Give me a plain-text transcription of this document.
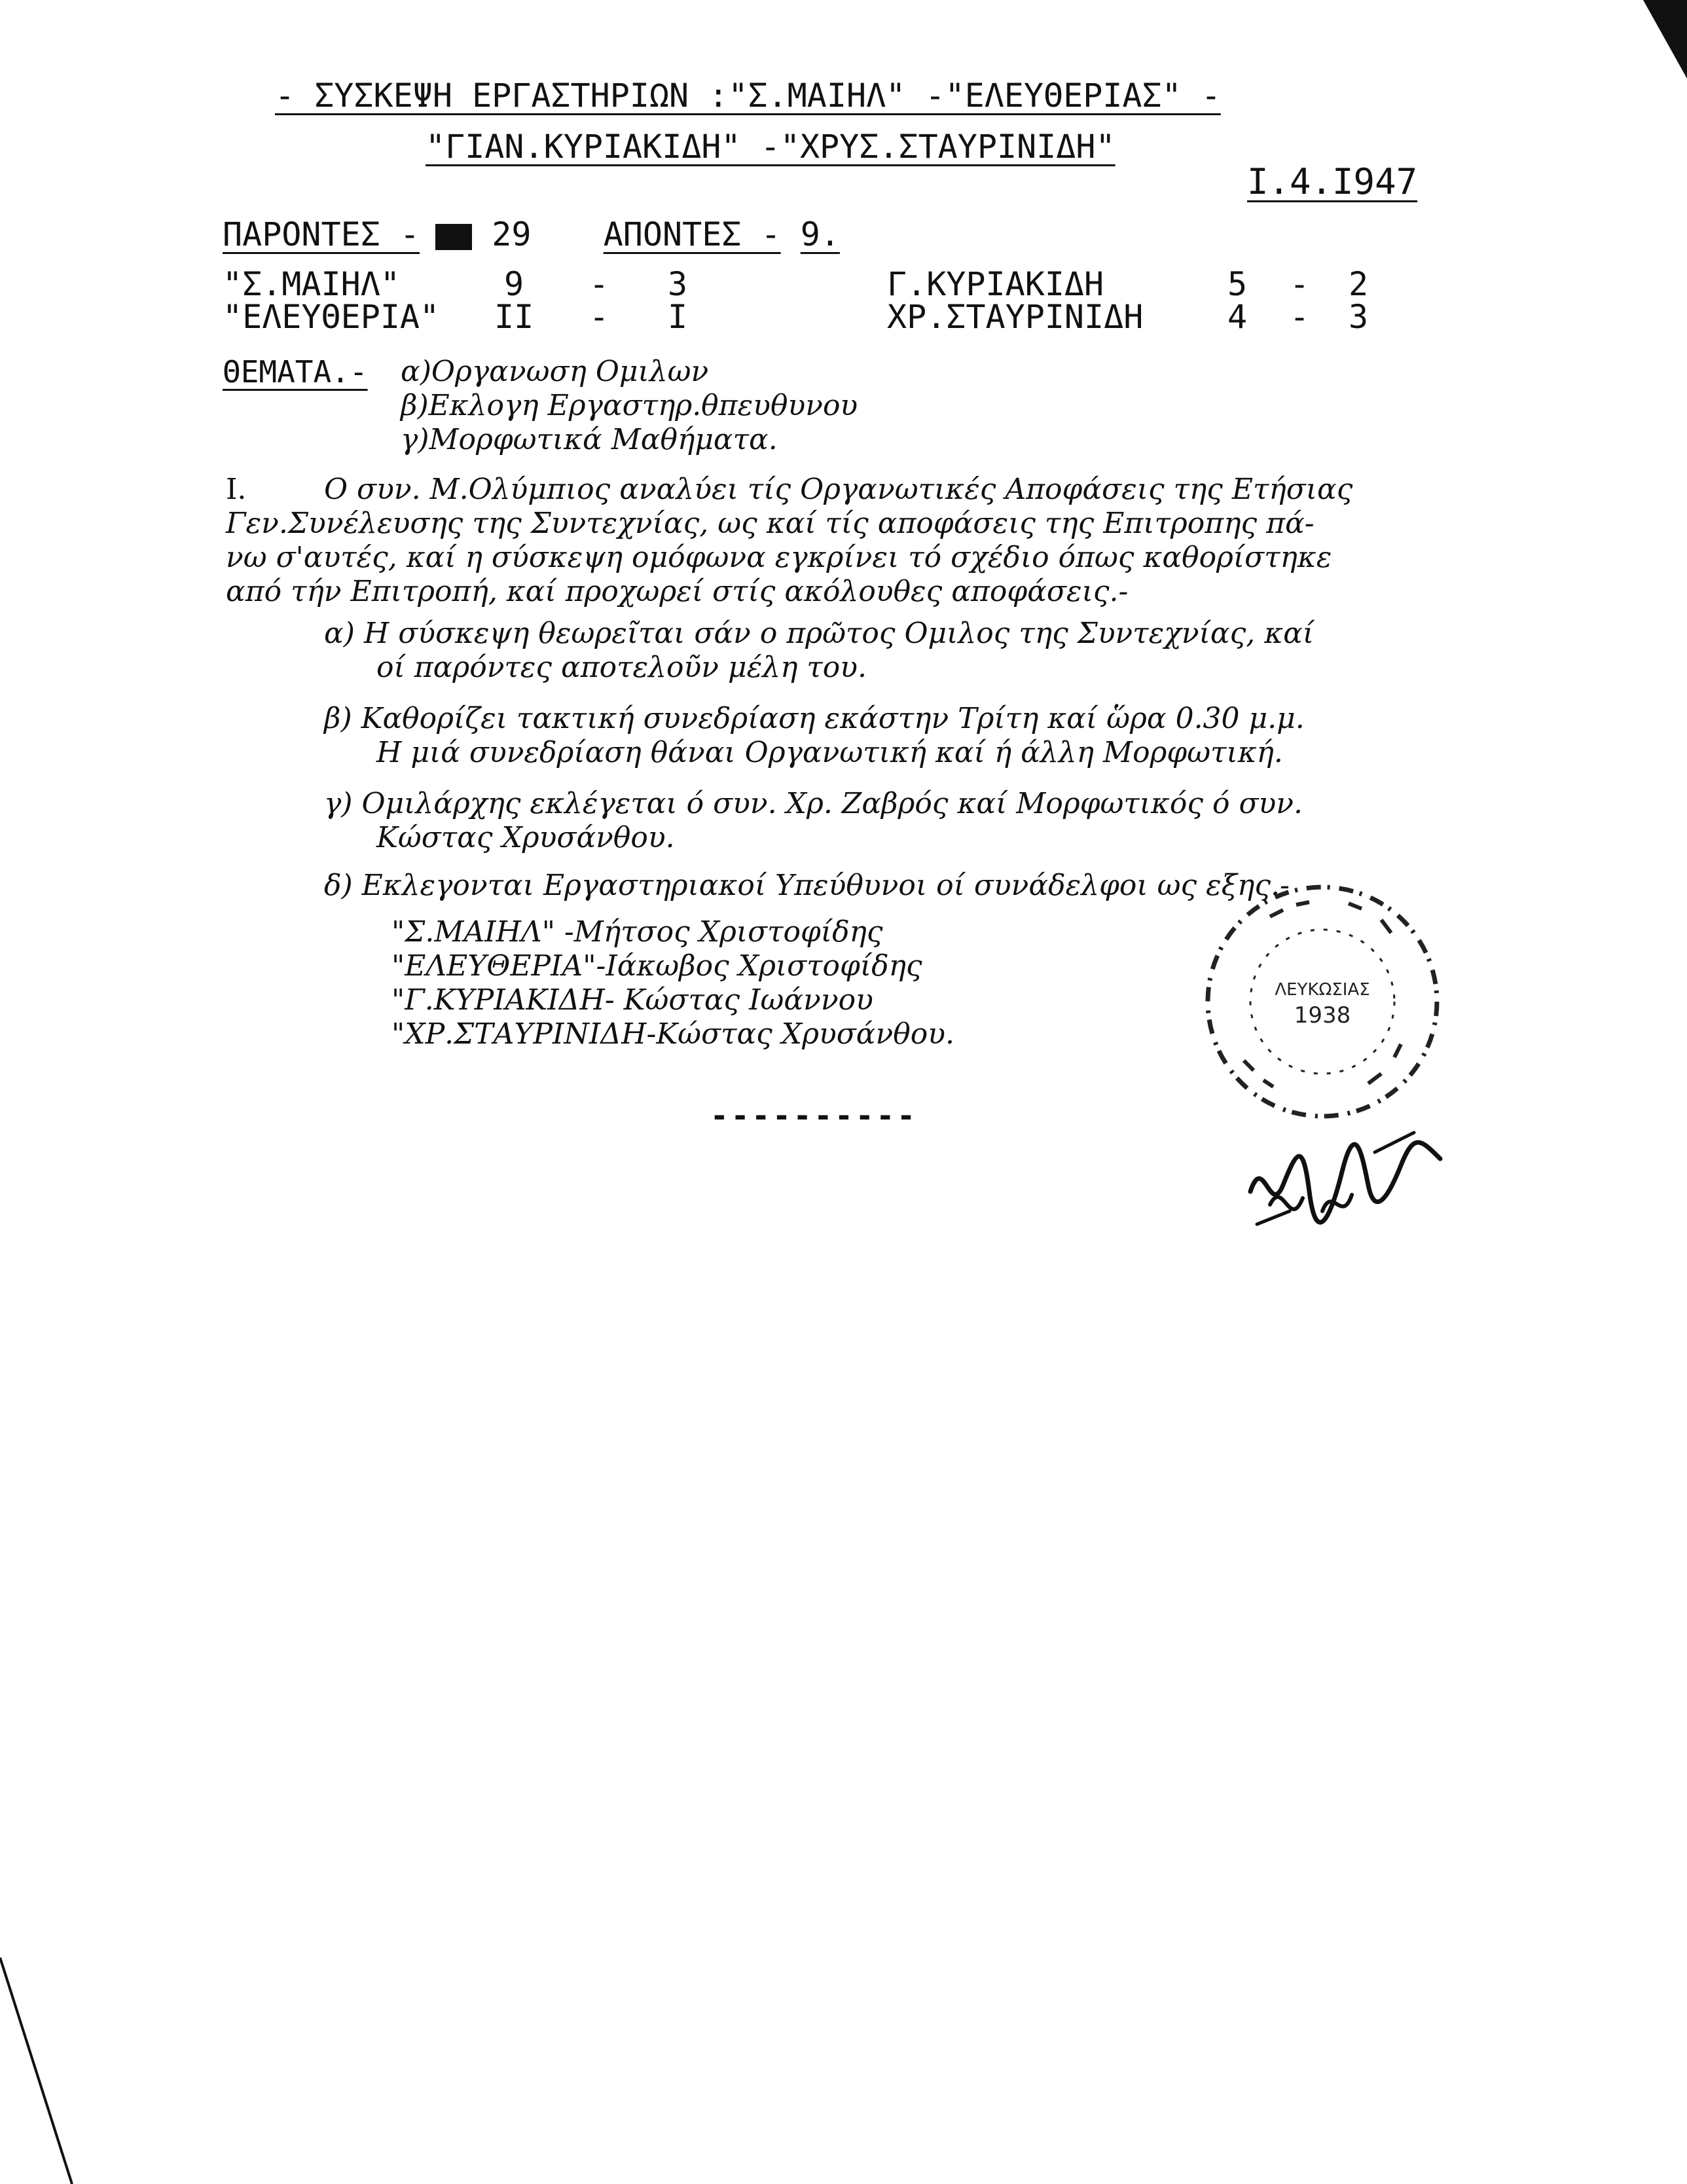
- ΣΥΣΚΕΨΗ ΕΡΓΑΣΤΗΡΙΩΝ :"Σ.ΜΑΙΗΛ" -"ΕΛΕΥΘΕΡΙΑΣ" -
"ΓΙΑΝ.ΚΥΡΙΑΚΙΔΗ" -"ΧΡΥΣ.ΣΤΑΥΡΙΝΙΔΗ"
I.4.I947
ΠΑΡΟΝΤΕΣ - 29 ΑΠΟΝΤΕΣ - 9.
"Σ.ΜΑΙΗΛ"	9 - 3	Γ.ΚΥΡΙΑΚΙΔΗ	5 - 2
"ΕΛΕΥΘΕΡΙΑ" II - I	ΧΡ.ΣΤΑΥΡΙΝΙΔΗ	4 - 3
ΘΕΜΑΤΑ.- α)Οργανωση Ομιλων
β)Εκλογη Εργαστηρ.θπευθυνου
γ)Μορφωτικά Μαθήματα.
I.	Ο συν. Μ.Ολύμπιος αναλύει τίς Οργανωτικές Αποφάσεις της Ετήσιας
Γεν.Συνέλευσης της Συντεχνίας, ως καί τίς αποφάσεις της Επιτροπης πά-
νω σ'αυτές, καί η σύσκεψη ομόφωνα εγκρίνει τό σχέδιο όπως καθορίστηκε
από τήν Επιτροπή, καί προχωρεί στίς ακόλουθες αποφάσεις.-
α) Η σύσκεψη θεωρεῖται σάν ο πρῶτος Ομιλος της Συντεχνίας, καί
οί παρόντες αποτελοῦν μέλη του.
β) Καθορίζει τακτική συνεδρίαση εκάστην Τρίτη καί ὥρα 0.30 μ.μ.
Η μιά συνεδρίαση θάναι Οργανωτική καί ή άλλη Μορφωτική.
γ) Ομιλάρχης εκλέγεται ό συν. Χρ. Ζαβρός καί Μορφωτικός ό συν.
Κώστας Χρυσάνθου.
δ) Εκλεγονται Εργαστηριακοί Υπεύθυνοι οί συνάδελφοι ως εξης.-
"Σ.ΜΑΙΗΛ" -Μήτσος Χριστοφίδης
"ΕΛΕΥΘΕΡΙΑ"-Ιάκωβος Χριστοφίδης
"Γ.ΚΥΡΙΑΚΙΔΗ- Κώστας Ιωάννου
"ΧΡ.ΣΤΑΥΡΙΝΙΔΗ-Κώστας Χρυσάνθου.
----------
ΛΕΥΚΩΣΙΑΣ
1938
